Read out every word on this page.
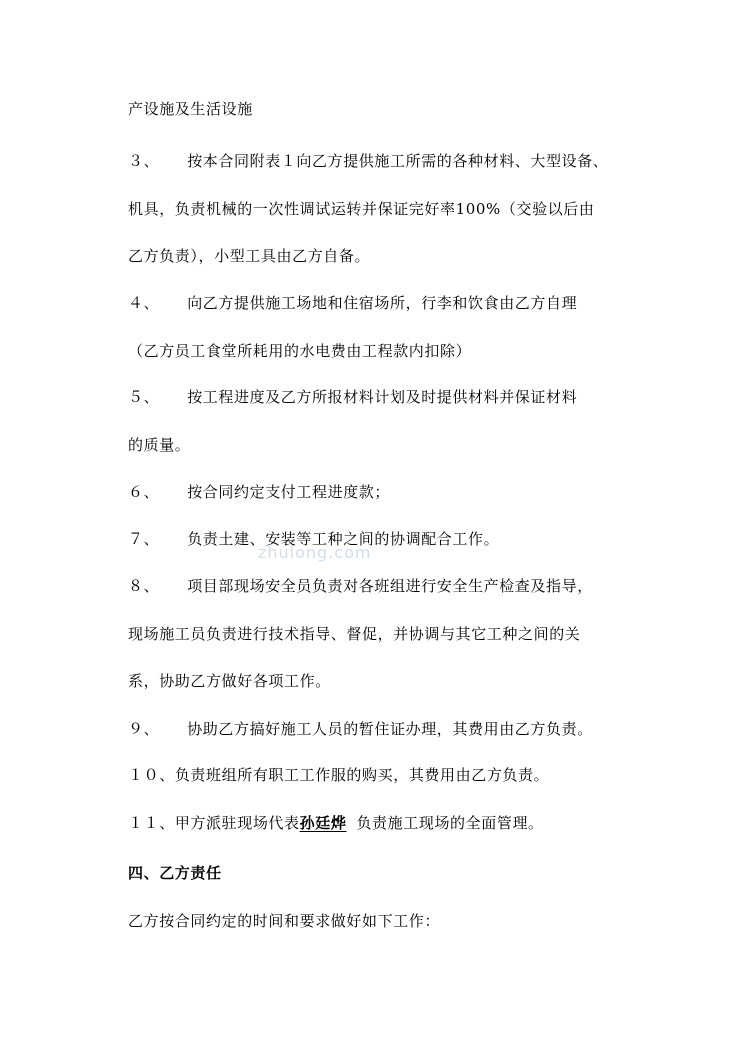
产设施及生活设施
３、 按本合同附表１向乙方提供施工所需的各种材料、大型设备、
机具，负责机械的一次性调试运转并保证完好率100%（交验以后由
乙方负责），小型工具由乙方自备。
４、 向乙方提供施工场地和住宿场所，行李和饮食由乙方自理
（乙方员工食堂所耗用的水电费由工程款内扣除）
５、 按工程进度及乙方所报材料计划及时提供材料并保证材料
的质量。
６、 按合同约定支付工程进度款；
７、 负责土建、安装等工种之间的协调配合工作。
８、 项目部现场安全员负责对各班组进行安全生产检查及指导，
现场施工员负责进行技术指导、督促，并协调与其它工种之间的关
系，协助乙方做好各项工作。
９、 协助乙方搞好施工人员的暂住证办理，其费用由乙方负责。
１０、负责班组所有职工工作服的购买，其费用由乙方负责。
１１、甲方派驻现场代表孙廷烨 负责施工现场的全面管理。
四、乙方责任
乙方按合同约定的时间和要求做好如下工作：
zhulong.com
